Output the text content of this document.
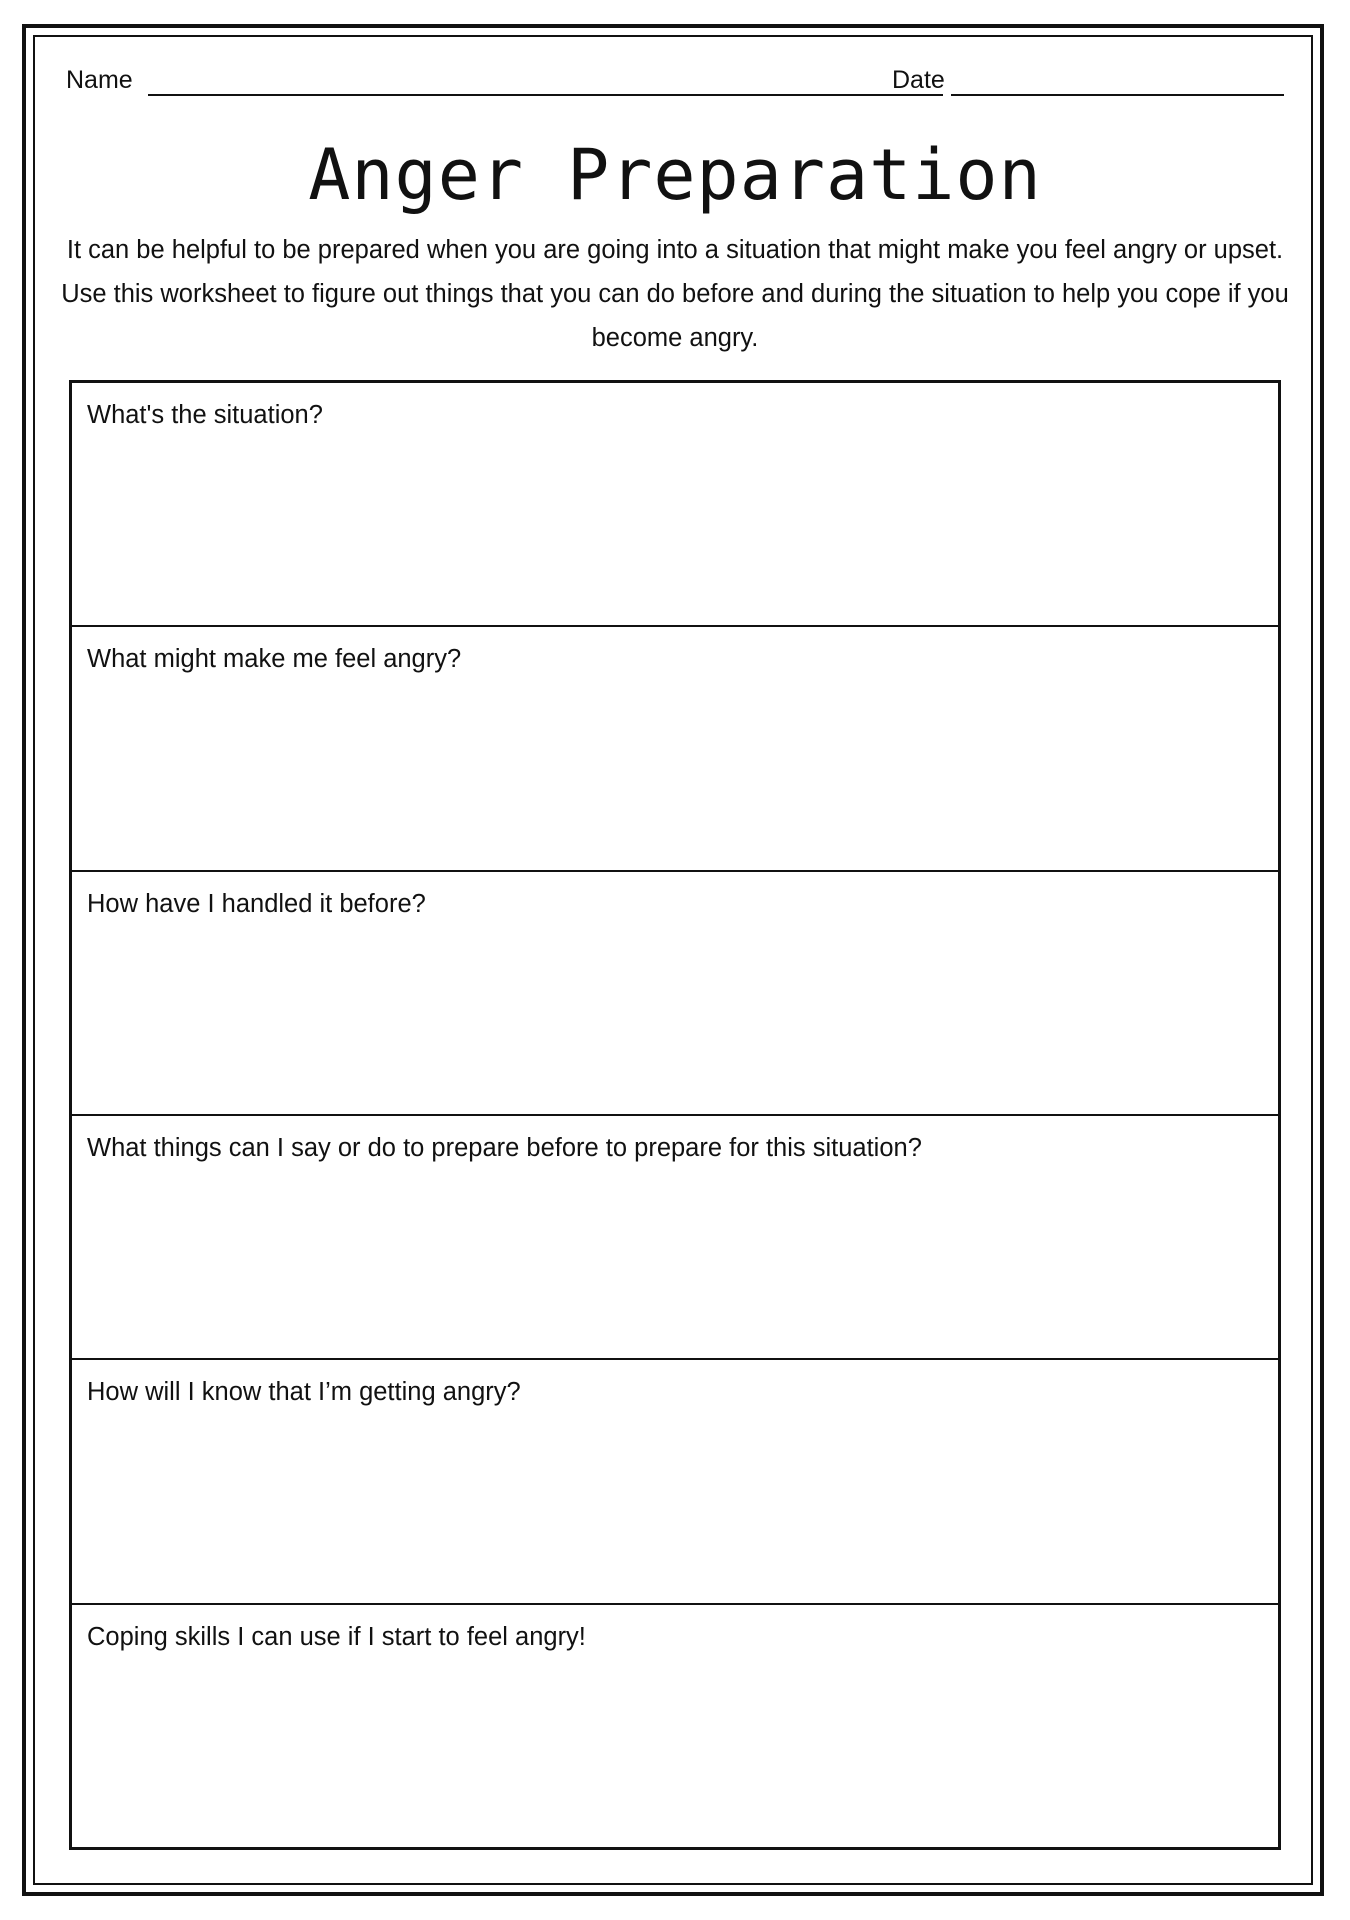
Name	Date
Anger Preparation

It can be helpful to be prepared when you are going into a situation that might make you feel angry or upset. Use this worksheet to figure out things that you can do before and during the situation to help you cope if you become angry.

What's the situation?
What might make me feel angry?
How have I handled it before?
What things can I say or do to prepare before to prepare for this situation?
How will I know that I’m getting angry?
Coping skills I can use if I start to feel angry!
